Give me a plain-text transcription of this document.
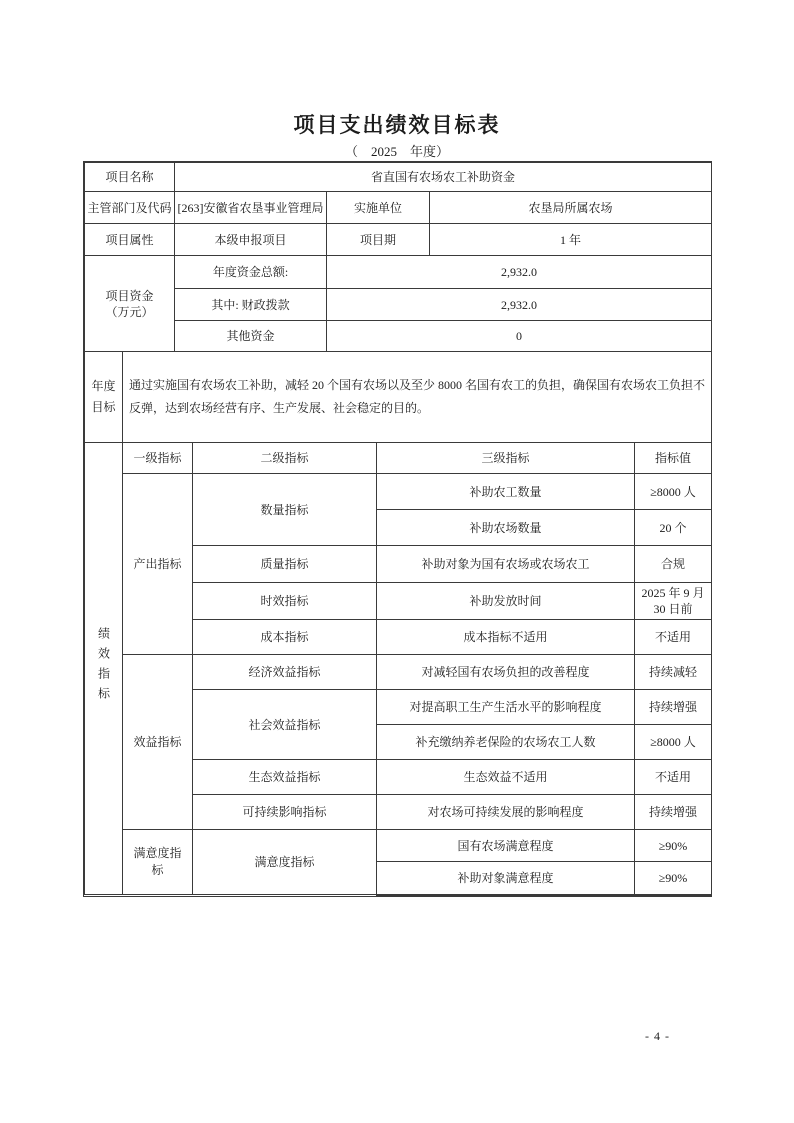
项目支出绩效目标表
（　2025　年度）
项目名称	省直国有农场农工补助资金		
主管部门及代码	[263]安徽省农垦事业管理局	实施单位	农垦局所属农场
项目属性	本级申报项目	项目期	1 年

项目资金
（万元）	年度资金总额:	2,932.0	
	其中: 财政拨款	2,932.0	
	其他资金	0	
年度目标	通过实施国有农场农工补助，减轻 20 个国有农场以及至少 8000 名国有农工的负担，确保国有农场农工负担不反弹，达到农场经营有序、生产发展、社会稳定的目的。			
绩效指标	一级指标	二级指标	三级指标	指标值
	产出指标	数量指标	补助农工数量	≥8000 人
			补助农场数量	20 个
		质量指标	补助对象为国有农场或农场农工	合规
		时效指标	补助发放时间	2025 年 9 月 30 日前
		成本指标	成本指标不适用	不适用
	效益指标	经济效益指标	对减轻国有农场负担的改善程度	持续减轻
		社会效益指标	对提高职工生产生活水平的影响程度	持续增强
			补充缴纳养老保险的农场农工人数	≥8000 人
		生态效益指标	生态效益不适用	不适用
		可持续影响指标	对农场可持续发展的影响程度	持续增强
	满意度指标	满意度指标	国有农场满意程度	≥90%
			补助对象满意程度	≥90%
- 4 -
